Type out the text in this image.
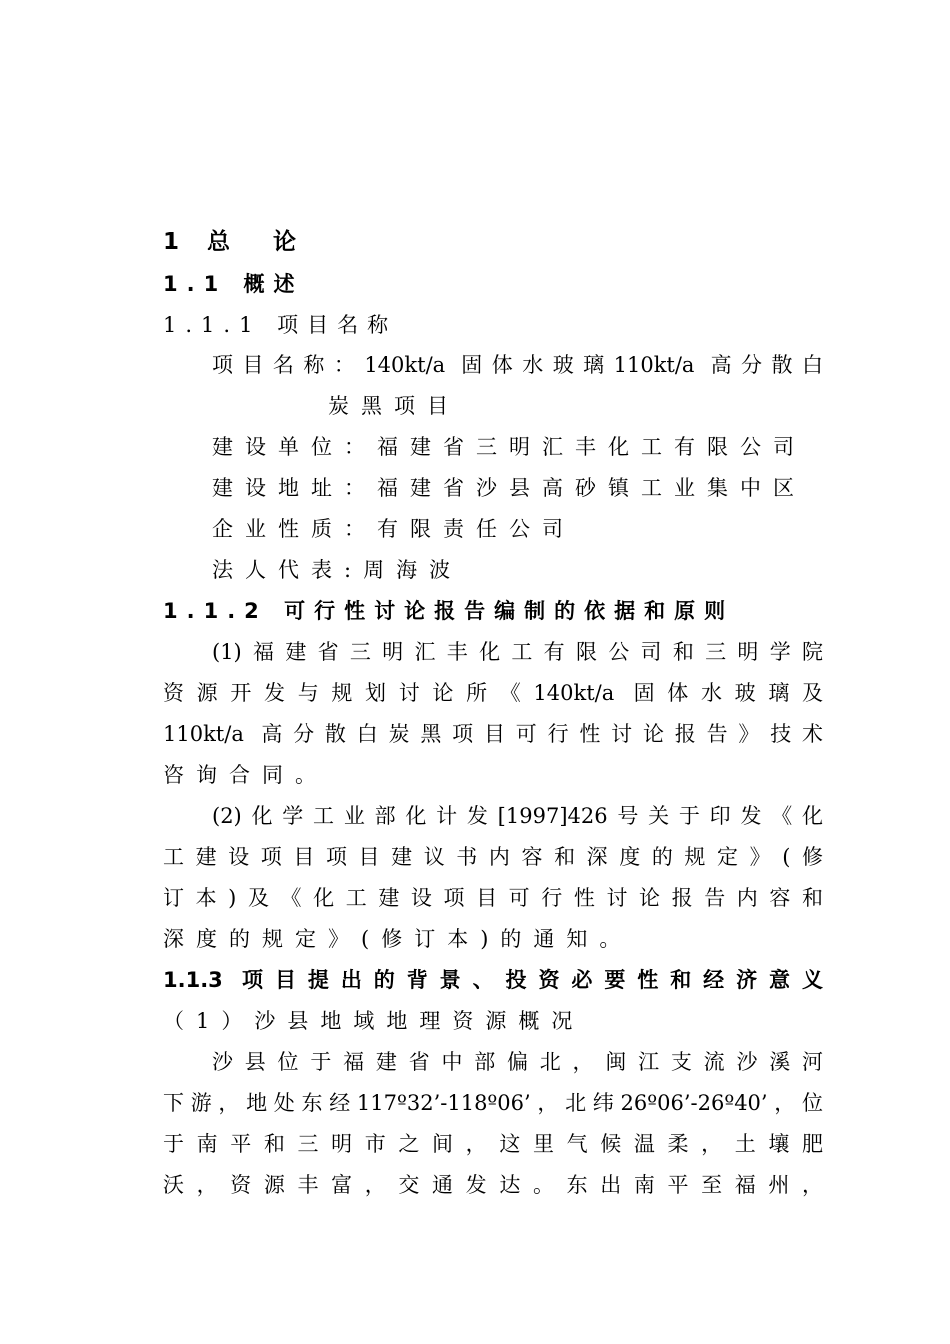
1 总　论
1.1 概述
1.1.1 项目名称
项目名称：140kt/a 固体水玻璃110kt/a 高分散白
炭黑项目
建设单位：福建省三明汇丰化工有限公司
建设地址：福建省沙县高砂镇工业集中区
企业性质：有限责任公司
法人代表:周海波
1.1.2 可行性讨论报告编制的依据和原则
(1)福建省三明汇丰化工有限公司和三明学院
资源开发与规划讨论所《140kt/a 固体水玻璃及
110kt/a 高分散白炭黑项目可行性讨论报告》技术
咨询合同。
(2)化学工业部化计发[1997]426号关于印发《化
工建设项目项目建议书内容和深度的规定》(修
订本)及《化工建设项目可行性讨论报告内容和
深度的规定》(修订本)的通知。
1.1.3 项目提出的背景、投资必要性和经济意义
（1）沙县地域地理资源概况
沙县位于福建省中部偏北，闽江支流沙溪河
下游，地处东经117º32’-118º06’，北纬26º06’-26º40’，位
于南平和三明市之间，这里气候温柔，土壤肥
沃，资源丰富，交通发达。东出南平至福州，
